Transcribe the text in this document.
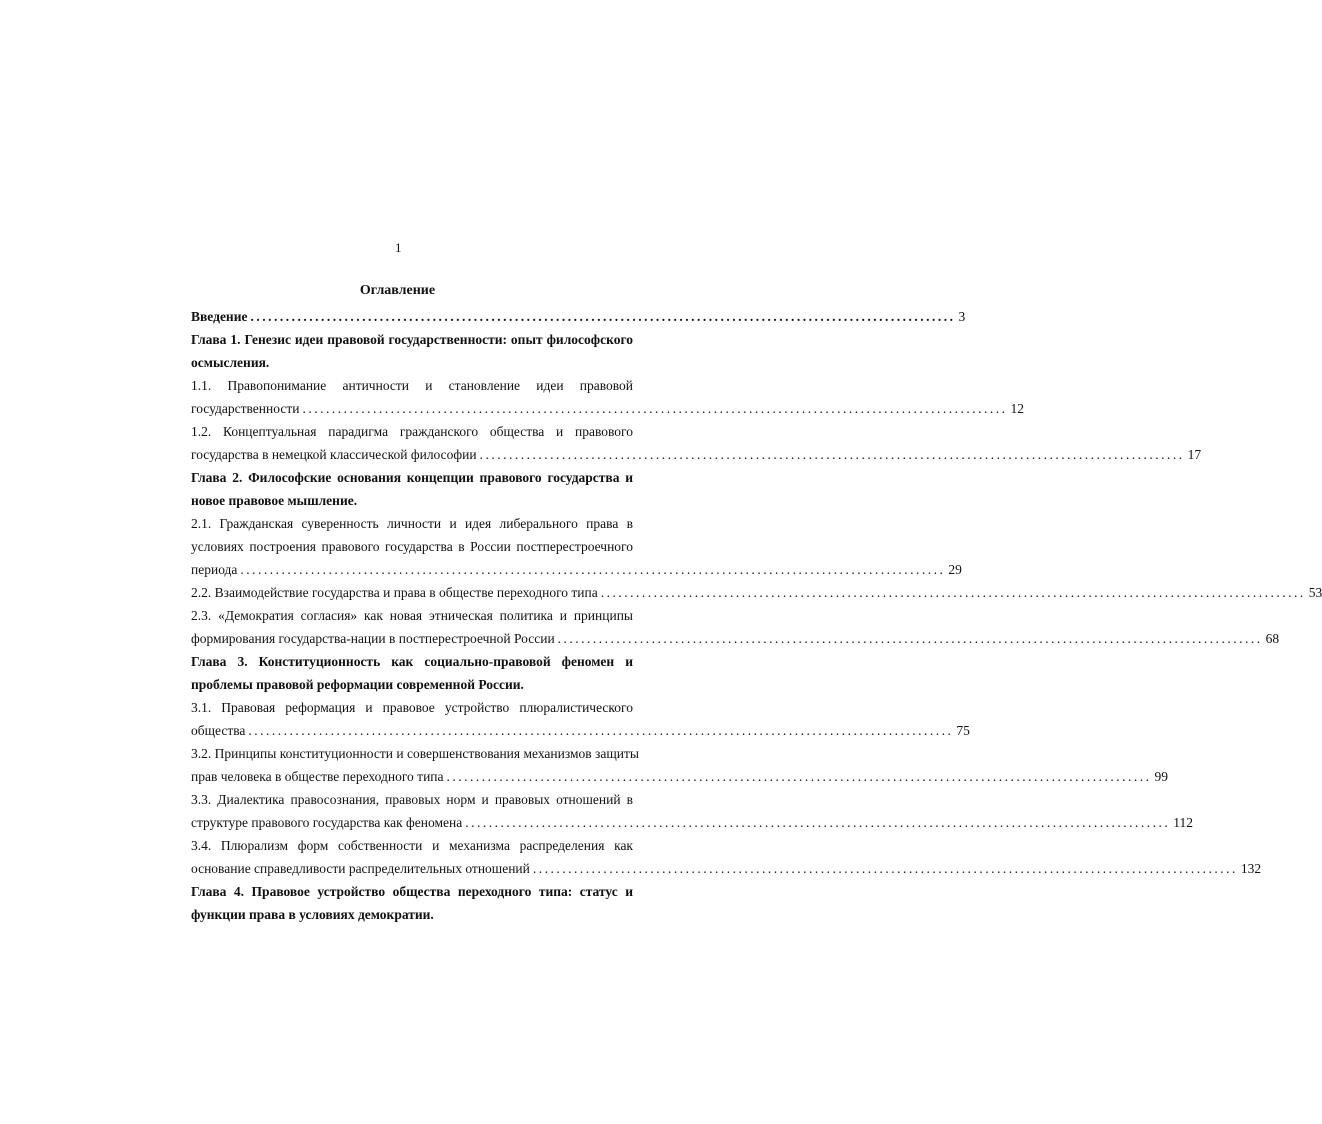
1
Оглавление
Введение ........................................................................................................................ 3
Глава 1. Генезис идеи правовой государственности: опыт философского
осмысления.
1.1. Правопонимание античности и становление идеи правовой
государственности ........................................................................................................................ 12
1.2. Концептуальная парадигма гражданского общества и правового
государства в немецкой классической философии ........................................................................................................................ 17
Глава 2. Философские основания концепции правового государства и
новое правовое мышление.
2.1. Гражданская суверенность личности и идея либерального права в
условиях построения правового государства в России постперестроечного
периода ........................................................................................................................ 29
2.2. Взаимодействие государства и права в обществе переходного типа ........................................................................................................................ 53
2.3. «Демократия согласия» как новая этническая политика и принципы
формирования государства-нации в постперестроечной России ........................................................................................................................ 68
Глава 3. Конституционность как социально-правовой феномен и
проблемы правовой реформации современной России.
3.1. Правовая реформация и правовое устройство плюралистического
общества ........................................................................................................................ 75
3.2. Принципы конституционности и совершенствования механизмов защиты
прав человека в обществе переходного типа ........................................................................................................................ 99
3.3. Диалектика правосознания, правовых норм и правовых отношений в
структуре правового государства как феномена ........................................................................................................................ 112
3.4. Плюрализм форм собственности и механизма распределения как
основание справедливости распределительных отношений ........................................................................................................................ 132
Глава 4. Правовое устройство общества переходного типа: статус и
функции права в условиях демократии.
